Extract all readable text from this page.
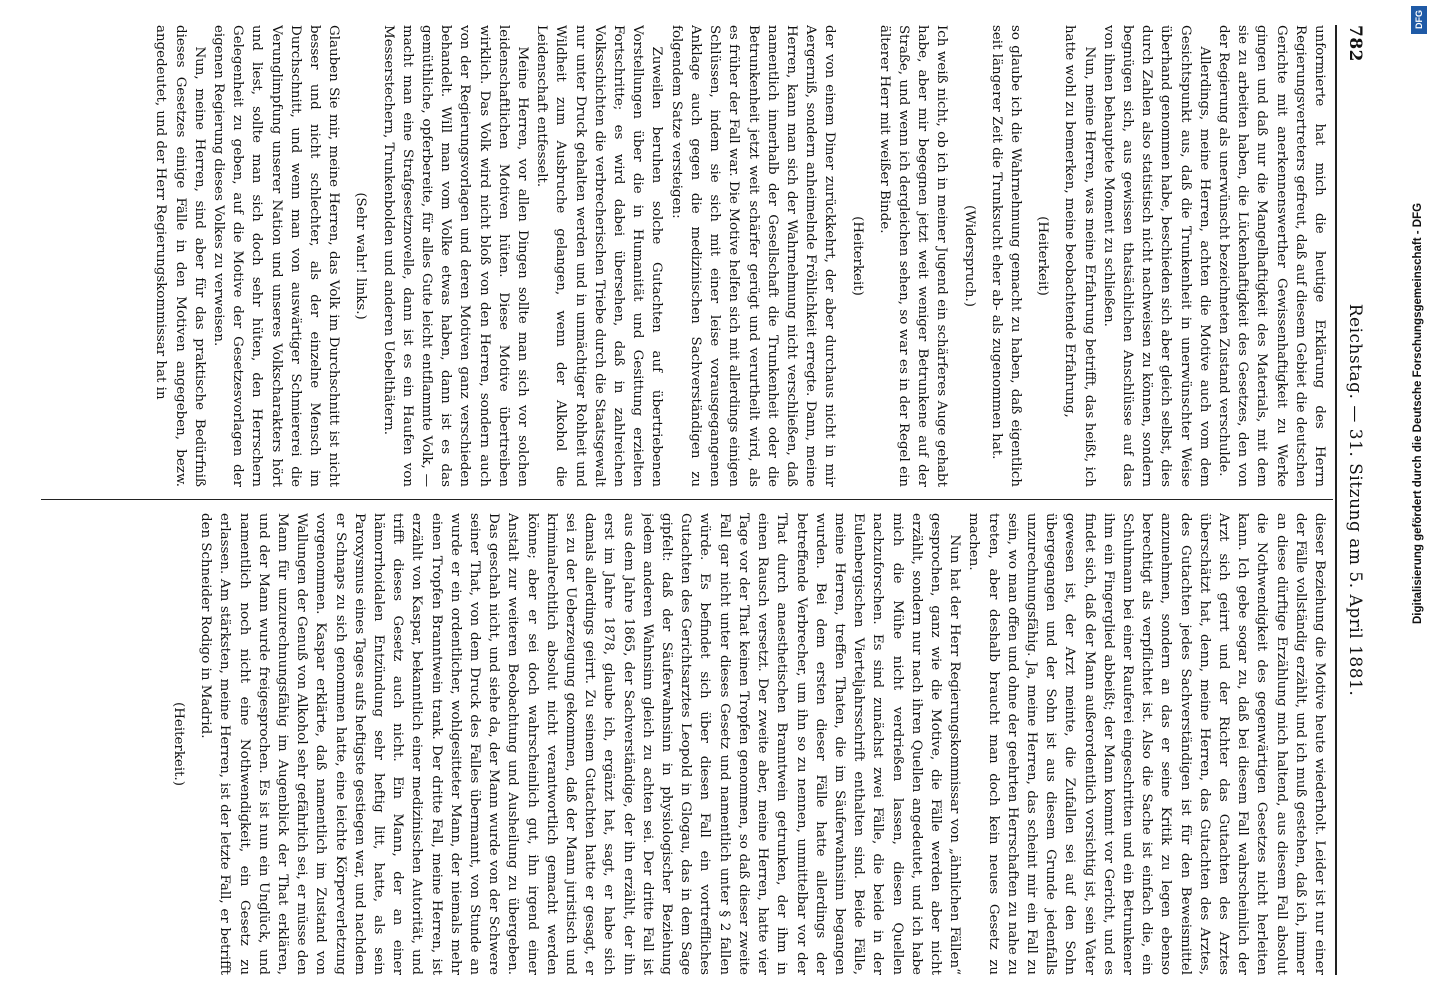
782
Reichstag. — 31. Sitzung am 5. April 1881.

unformierte hat mich die heutige Erklärung des Herrn Regierungsvertreters gefreut, daß auf diesem Gebiet die deutschen Gerichte mit anerkennenswerther Gewissenhaftigkeit zu Werke gingen und daß nur die Mangelhaftigkeit des Materials, mit dem sie zu arbeiten haben, die Lückenhaftigkeit des Gesetzes, den von der Regierung als unerwünscht bezeichneten Zustand verschulde.

Allerdings, meine Herren, achten die Motive auch vom dem Gesichtspunkt aus, daß die Trunkenheit in unerwünschter Weise überhand genommen habe, beschieden sich aber gleich selbst, dies durch Zahlen also statistisch nicht nachweisen zu können, sondern begnügen sich, aus gewissen thatsächlichen Anschlüsse auf das von ihnen behauptete Moment zu schließen.

Nun, meine Herren, was meine Erfahrung betrifft, das heißt, ich hatte wohl zu bemerken, meine beobachtende Erfahrung,

(Heiterkeit)

so glaube ich die Wahrnehmung gemacht zu haben, daß eigentlich seit längerer Zeit die Trunksucht eher ab- als zugenommen hat.

(Widerspruch.)

Ich weiß nicht, ob ich in meiner Jugend ein schärferes Auge gehabt habe, aber mir begegnen jetzt weit weniger Betrunkene auf der Straße, und wenn ich dergleichen sehen, so war es in der Regel ein älterer Herr mit weißer Binde.

(Heiterkeit)

der von einem Diner zurückkehrt, der aber durchaus nicht in mir Aergerniß, sondern anheimelnde Fröhlichkeit erregte. Dann, meine Herren, kann man sich der Wahrnehmung nicht verschließen, daß namentlich innerhalb der Gesellschaft die Trunkenheit oder die Betrunkenheit jetzt weit schärfer gerügt und verurtheilt wird, als es früher der Fall war. Die Motive helfen sich mit allerdings einigen Schlüssen, indem sie sich mit einer leise vorausgegangenen Anklage auch gegen die medizinischen Sachverständigen zu folgendem Satze versteigen:

Zuweilen beruhen solche Gutachten auf übertriebenen Vorstellungen über die in Humanität und Gesittung erzielten Fortschritte; es wird dabei übersehen, daß in zahlreichen Volksschichten die verbrecherischen Triebe durch die Staatsgewalt nur unter Druck gehalten werden und in unmächtiger Rohheit und Wildheit zum Ausbruche gelangen, wenn der Alkohol die Leidenschaft entfesselt.

Meine Herren, vor allen Dingen sollte man sich vor solchen leidenschaftlichen Motiven hüten. Diese Motive übertreiben wirklich. Das Volk wird nicht bloß von den Herren, sondern auch von der Regierungsvorlagen und deren Motiven ganz verschieden behandelt. Will man vom Volke etwas haben, dann ist es das gemüthliche, opferbereite, für alles Gute leicht entflammte Volk, — macht man eine Strafgesetznovelle, dann ist es ein Haufen von Messerstechern, Trunkenbolden und anderen Uebelthätern.

(Sehr wahr! links.)

Glauben Sie mir, meine Herren, das Volk im Durchschnitt ist nicht besser und nicht schlechter, als der einzelne Mensch im Durchschnitt, und wenn man von auswärtiger Schmiererei die Verunglimpfung unserer Nation und unseres Volkscharakters hört und liest, sollte man sich doch sehr hüten, den Herrschern Gelegenheit zu geben, auf die Motive der Gesetzesvorlagen der eigenen Regierung dieses Volkes zu verweisen.

Nun, meine Herren, sind aber für das praktische Bedürfniß dieses Gesetzes einige Fälle in den Motiven angegeben, bezw. angedeutet, und der Herr Regierungskommissar hat in

dieser Beziehung die Motive heute wiederholt. Leider ist nur einer der Fälle vollständig erzählt, und ich muß gestehen, daß ich, immer an diese dürftige Erzählung mich haltend, aus diesem Fall absolut die Nothwendigkeit des gegenwärtigen Gesetzes nicht herleiten kann. Ich gebe sogar zu, daß bei diesem Fall wahrscheinlich der Arzt sich geirrt und der Richter das Gutachten des Arztes überschätzt hat, denn, meine Herren, das Gutachten des Arztes, des Gutachten jedes Sachverständigen ist für den Beweismittel anzunehmen, sondern an das er seine Kritik zu legen ebenso berechtigt als verpflichtet ist. Also die Sache ist einfach die, ein Schuhmann bei einer Rauferei eingeschritten und ein Betrunkener ihm ein Fingerglied abbeißt; der Mann kommt vor Gericht, und es findet sich, daß der Mann außerordentlich vorsichtig ist, sein Vater gewesen ist, der Arzt meinte, die Zufallen sei auf den Sohn übergegangen und der Sohn ist aus diesem Grunde jedenfalls unzurechnungsfähig. Ja, meine Herren, das scheint mir ein Fall zu sein, wo man offen und ohne der geehrten Herrschaften zu nahe zu treten, aber deshalb braucht man doch kein neues Gesetz zu machen.

Nun hat der Herr Regierungskommissar von „ähnlichen Fällen“ gesprochen, ganz wie die Motive, die Fälle werden aber nicht erzählt, sondern nur nach ihren Quellen angedeutet, und ich habe mich die Mühe nicht verdrießen lassen, diesen Quellen nachzuforschen. Es sind zunächst zwei Fälle, die beide in der Eulenbergischen Vierteljahrsschrift enthalten sind. Beide Fälle, meine Herren, treffen Thaten, die im Säuferwahnsinn begangen wurden. Bei dem ersten dieser Fälle hatte allerdings der betreffende Verbrecher, um ihn so zu nennen, unmittelbar vor der That durch anaesthetischen Branntwein getrunken, der ihm in einen Rausch versetzt. Der zweite aber, meine Herren, hatte vier Tage vor der That keinen Tropfen genommen, so daß dieser zweite Fall gar nicht unter dieses Gesetz und namentlich unter § 2 fallen würde. Es befindet sich über diesen Fall ein vortreffliches Gutachten des Gerichtsarztes Leopold in Glogau, das in dem Sage gipfelt: daß der Säuferwahnsinn in physiologischer Beziehung jedem anderen Wahnsinn gleich zu achten sei. Der dritte Fall ist aus dem Jahre 1865, der Sachverständige, der ihn erzählt, der ihn erst im Jahre 1878, glaube ich, ergänzt hat, sagt, er habe sich damals allerdings geirrt. Zu seinem Gutachten hatte er gesagt, er sei zu der Ueberzeugung gekommen, daß der Mann juristisch und kriminalrechtlich absolut nicht verantwortlich gemacht werden könne; aber er sei doch wahrscheinlich gut, ihn irgend einer Anstalt zur weiteren Beobachtung und Ausheilung zu übergeben. Das geschah nicht, und siehe da, der Mann wurde von der Schwere seiner That, von dem Druck des Falles übermannt, von Stunde an wurde er ein ordentlicher, wohlgesitteter Mann, der niemals mehr einen Tropfen Branntwein trank. Der dritte Fall, meine Herren, ist erzählt von Kaspar, bekanntlich einer medizinischen Autorität, und trifft dieses Gesetz auch nicht. Ein Mann, der an einer hämorrhoidalen Entzündung sehr heftig litt, hatte, als sein Paroxysmus eines Tages aufs heftigste gestiegen war, und nachdem er Schnaps zu sich genommen hatte, eine leichte Körperverletzung vorgenommen. Kaspar erklärte, daß namentlich im Zustand von Wallungen der Genuß von Alkohol sehr gefährlich sei, er müsse den Mann für unzurechnungsfähig im Augenblick der That erklären, und der Mann wurde freigesprochen. Es ist nun ein Unglück, und namentlich noch nicht eine Nothwendigkeit, ein Gesetz zu erlassen. Am stärksten, meine Herren, ist der letzte Fall, er betrifft den Schneider Rodigo in Madrid.

(Heiterkeit.)

DFG
Digitalisierung gefördert durch die Deutsche Forschungsgemeinschaft - DFG
